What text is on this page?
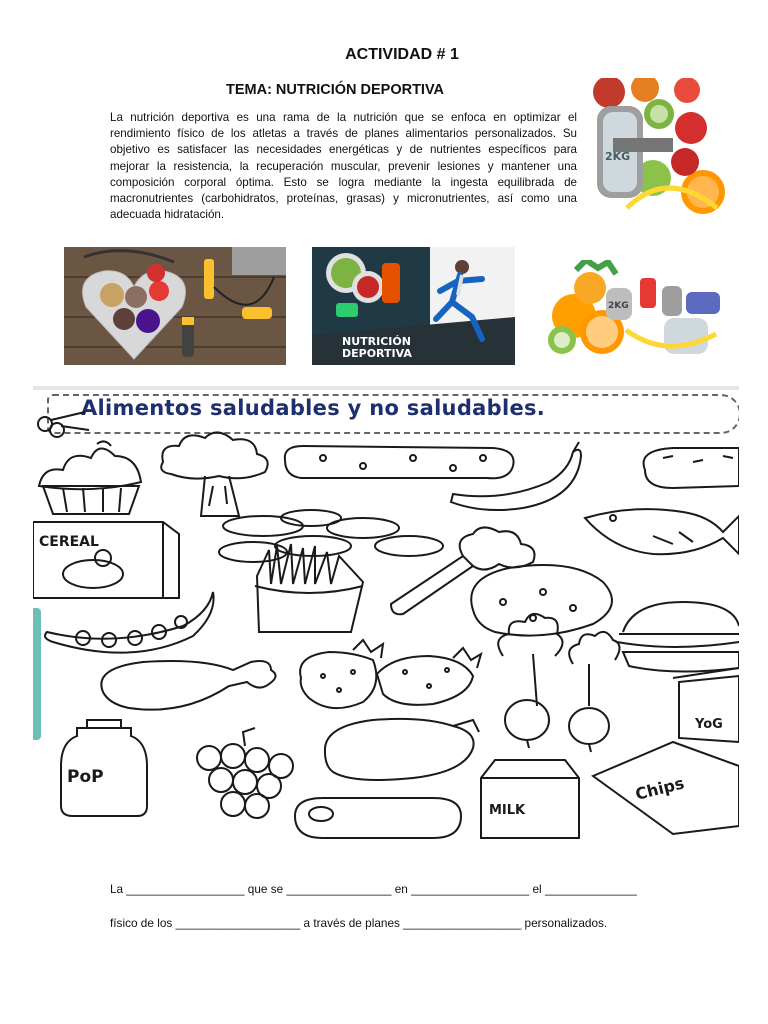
ACTIVIDAD # 1
TEMA: NUTRICIÓN DEPORTIVA

La nutrición deportiva es una rama de la nutrición que se enfoca en optimizar el rendimiento físico de los atletas a través de planes alimentarios personalizados. Su objetivo es satisfacer las necesidades energéticas y de nutrientes específicos para mejorar la resistencia, la recuperación muscular, prevenir lesiones y mantener una composición corporal óptima. Esto se logra mediante la ingesta equilibrada de macronutrientes (carbohidratos, proteínas, grasas) y micronutrientes, así como una adecuada hidratación.

2KG
NUTRICIÓN
DEPORTIVA
2KG
Alimentos saludables y no saludables.
CEREAL
YoG
PoP
MILK
Chips
La __________________ que se ________________ en __________________ el ______________
físico de los ___________________ a través de planes __________________ personalizados.
